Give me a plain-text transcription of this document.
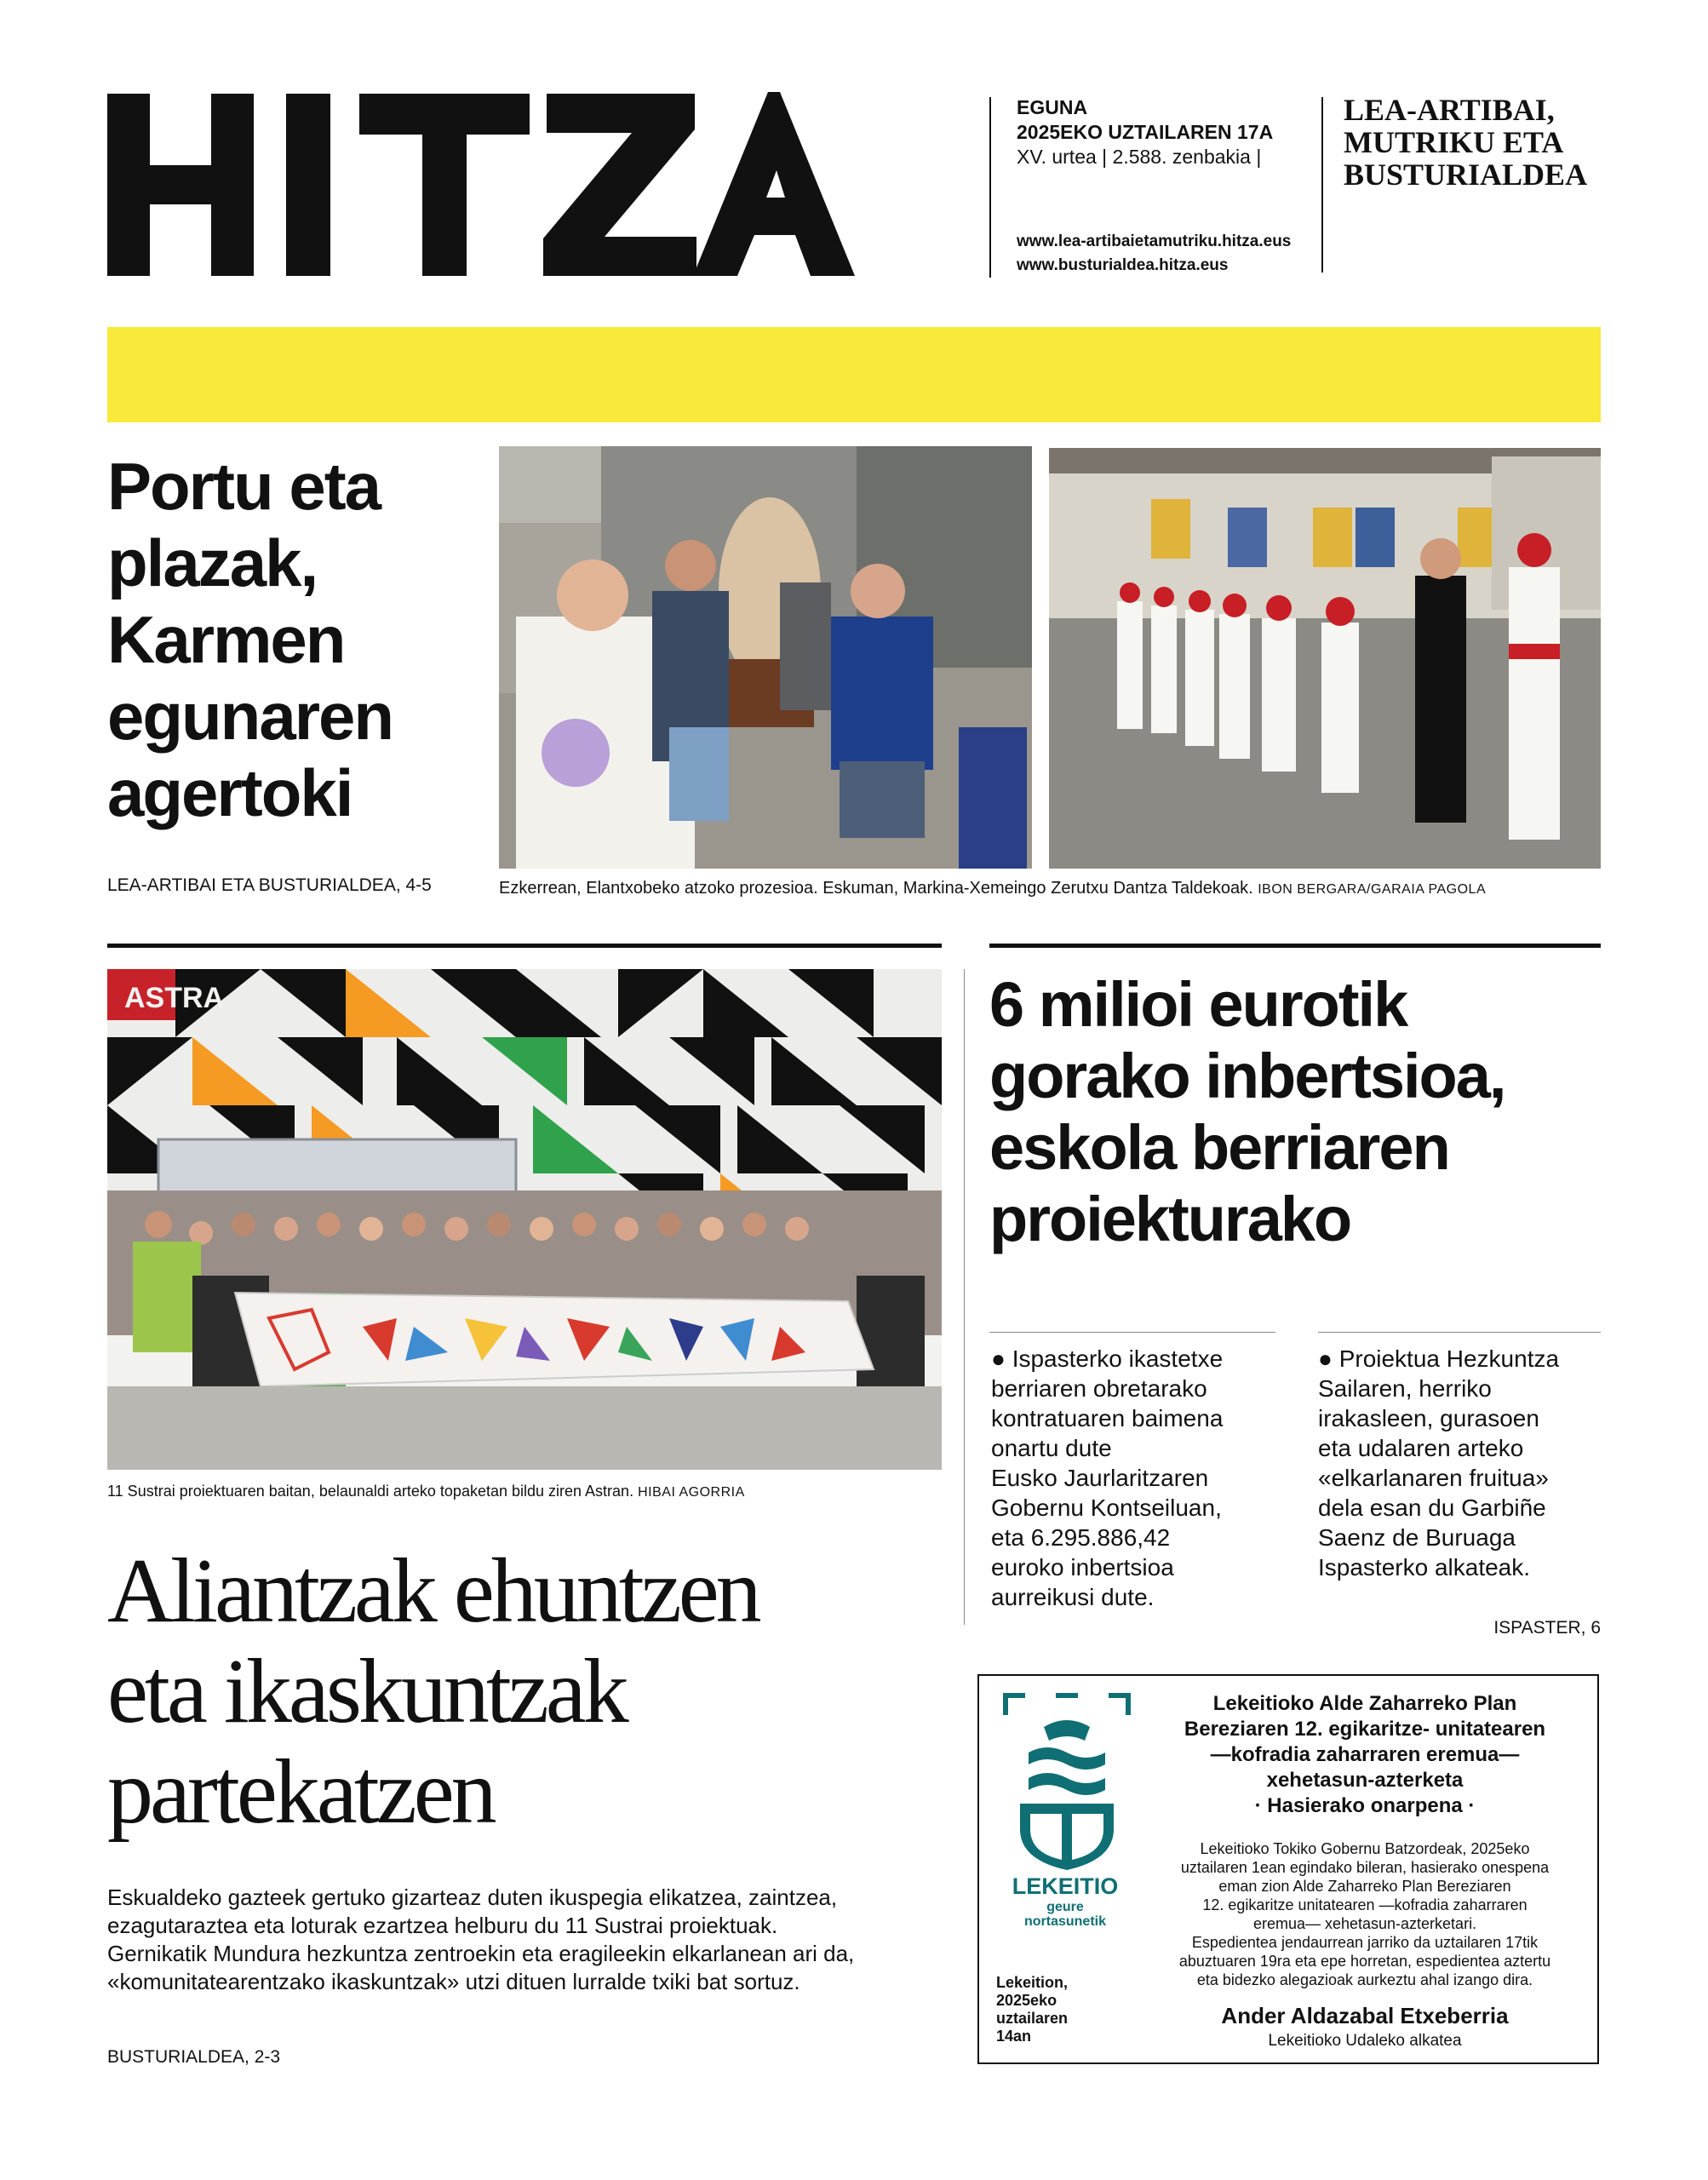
HITZA
EGUNA
2025EKO UZTAILAREN 17A
XV. urtea | 2.588. zenbakia |
www.lea-artibaietamutriku.hitza.eus
www.busturialdea.hitza.eus
LEA-ARTIBAI,
MUTRIKU ETA
BUSTURIALDEA
Portu eta
plazak,
Karmen
egunaren
agertoki
LEA-ARTIBAI ETA BUSTURIALDEA, 4-5	Ezkerrean, Elantxobeko atzoko prozesioa. Eskuman, Markina-Xemeingo Zerutxu Dantza Taldekoak. IBON BERGARA/GARAIA PAGOLA
ASTRA
11 Sustrai proiektuaren baitan, belaunaldi arteko topaketan bildu ziren Astran. HIBAI AGORRIA
6 milioi eurotik
gorako inbertsioa,
eskola berriaren
proiekturako
● Ispasterko ikastetxe
berriaren obretarako
kontratuaren baimena
onartu dute
Eusko Jaurlaritzaren
Gobernu Kontseiluan,
eta 6.295.886,42
euroko inbertsioa
aurreikusi dute.
● Proiektua Hezkuntza
Sailaren, herriko
irakasleen, gurasoen
eta udalaren arteko
«elkarlanaren fruitua»
dela esan du Garbiñe
Saenz de Buruaga
Ispasterko alkateak.
ISPASTER, 6
Aliantzak ehuntzen
eta ikaskuntzak
partekatzen
Eskualdeko gazteek gertuko gizarteaz duten ikuspegia elikatzea, zaintzea,
ezagutaraztea eta loturak ezartzea helburu du 11 Sustrai proiektuak.
Gernikatik Mundura hezkuntza zentroekin eta eragileekin elkarlanean ari da,
«komunitatearentzako ikaskuntzak» utzi dituen lurralde txiki bat sortuz.
BUSTURIALDEA, 2-3
LEKEITIO
geure
nortasunetik
Lekeition,
2025eko
uztailaren
14an
Lekeitioko Alde Zaharreko Plan
Bereziaren 12. egikaritze- unitatearen
—kofradia zaharraren eremua—
xehetasun-azterketa
· Hasierako onarpena ·
Lekeitioko Tokiko Gobernu Batzordeak, 2025eko
uztailaren 1ean egindako bileran, hasierako onespena
eman zion Alde Zaharreko Plan Bereziaren
12. egikaritze unitatearen —kofradia zaharraren
eremua— xehetasun-azterketari.
Espedientea jendaurrean jarriko da uztailaren 17tik
abuztuaren 19ra eta epe horretan, espedientea aztertu
eta bidezko alegazioak aurkeztu ahal izango dira.
Ander Aldazabal Etxeberria
Lekeitioko Udaleko alkatea
